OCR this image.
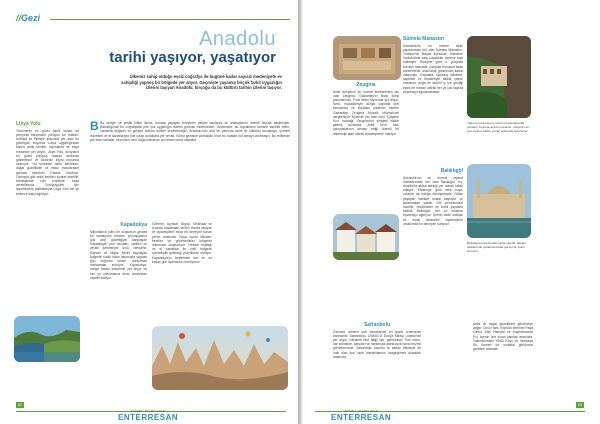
//Gezi
Anadolu
tarihi yaşıyor, yaşatıyor
Ülkemiz sahip olduğu eşsiz coğrafya ile bugüne kadar sayısız medeniyete ev sahipliği yapmış bir bölgede yer alıyor. Geçmişte yaşamış birçok farklı uygarlığın izlerini taşıyan Anadolu, birçoğu da bu kültürü tarihin izlerini taşıyor.
Likya Yolu
Yürümenin en güzel halini sunan bir yemyeşil bahçesine yürüyüş tur rotaları. Antalya ile Fethiye arasında yer alan bu güzergah boyunca Likya uygarlığından kalma antik kentler, tapınaklar ve kaya mezarları yer alıyor. Likya Yolu, dünyanın en güzel yürüyüş rotaları arasında gösteriliyor ve Akdeniz kıyısı boyunca uzanıyor. Yol üzerinde tarihi kalıntıları, doğal güzellikleri ve eşsiz manzaraları görmek mümkün. Patara, Xanthos, Olympos gibi antik kentleri ziyaret edebilir, konaklamak için köylerde mola verebilirsiniz. Yürüyüşçüler için işaretlenmiş patikalarıyla Likya Yolu her yıl binlerce kişiyi ağırlıyor.
B Bu zengin ve çeşitli kültür akımı, burada yaşayan bireylerin yaşam tarzlarını ve anlayışlarını önemli ölçüde etkilemiştir. Bakıldığında bu coğrafyada pek çok uygarlığın izlerini görmek mümkündür. Gezimizde, bu toprakların tarihine tanıklık eden, zamanla değişen ve gelişen kültürü birlikte keşfedeceğiz. Anadolu'nun dört bir yanında tarihi ile kültürün buluştuğu, yöresel lezzetleri ve el sanatlarıyla öne çıkan duraklara yer verdik. Kültür gezisine çıkmadan önce bu rotaları not almayı unutmayın. Bu rehberde yer alan noktalar, hem tarih hem doğa tutkunları için ilham verici olacaktır.
Kapadokya
Milyonlarca yıllık bir oluşumun gerçek bir sanatçının elinden çıkmışçasına göz alıcı güzelliğiyle karşılayan Kapadokya, peri bacaları, vadileri ve yeraltı şehirleriyle ünlü. Nevşehir, Kayseri ve Niğde illerini kapsayan bölgede sıcak hava balonuyla yapılan gün doğumu turları, unutulmaz manzaralar sunuyor. Kapadokya, dünya mirası listesinde yer alıyor ve her yıl milyonlarca turist tarafından ziyaret ediliyor.
Göreme, Uçhisar, Ürgüp, Ortahisar ve Avanos kasabaları tarihin izlerini taşıyan ve ziyaretçilere eşsiz bir deneyim sunan yerler arasında. Kaya oyma kiliseler, freskler ve güvercinlikler bölgenin dokusunu oluşturuyor. Yöresel mutfağı ve el sanatları ile ünlü bölgede çömlekçilik geleneği yüzyıllardır sürüyor. Kapadokya'yı keşfetmek için en az birkaç gün ayırmanızı öneriyoruz.
62
ISTANBUL TICARET ODASI
ENTERRESAN
Sümela Manastırı
Karadeniz'in en önemli tarihi yapılarından biri olan Sümela Manastırı, Trabzon'un Maçka ilçesinde, Altındere Vadisi'ndeki sarp kayalıklar üzerine inşa edilmiştir. Rivayete göre 4. yüzyılda kurulan manastır, yüzyıllar boyunca farklı dönemlerde onarılarak günümüze kadar ulaşmıştır. Kayalara oyulmuş kiliseleri, şapelleri ve freskleriyle dikkat çeken manastır, doğa ile tarihin iç içe geçtiği eşsiz bir mekan olarak her yıl çok sayıda ziyaretçiyi ağırlamaktadır.
Yapının restorasyon süreci tamamlanarak yeniden ziyarete açılan manastır, bölgenin en çok ziyaret edilen yerleri arasında bulunuyor.
Zeugma
Antik dünyanın en önemli kentlerinden biri olan Zeugma, Gaziantep'in Nizip ilçesi yakınlarında, Fırat Nehri kıyısında yer alıyor. Kent, mozaikleriyle dünya çapında üne kavuşmuş ve buradan çıkarılan eserler Gaziantep Zeugma Mozaik Müzesi'nde sergileniyor. Müzede yer alan ünlü 'Çingene Kızı' mozaiği, Zeugma'nın simgesi haline gelmiş durumda. Antik kent, kazı çalışmalarının devam ettiği önemli bir arkeolojik alan olarak ziyaretçilerini bekliyor.
Balıklıgöl
Şanlıurfa'nın en önemli ziyaret noktalarından biri olan Balıklıgöl, Hz. İbrahim'in ateşe atıldığı yer olarak kabul ediliyor. Efsaneye göre ateş suya, odunlar da balığa dönüşmüştür. Gölde yaşayan balıklar kutsal sayılıyor ve avlanmaları yasak. Göl çevresindeki camiler, medreseler ve tarihi yapılarla birlikte Balıklıgöl, her yıl binlerce ziyaretçiyi ağırlıyor. Şehrin tarihi dokusu ve sıcak atmosferi ziyaretçilere unutulmaz bir deneyim sunuyor.
Balıklıgöl çevresindeki tarihi yapılar, akşam saatlerinde ışıklandırılarak görsel bir şölen sunuyor.
Safranbolu
Osmanlı dönemi sivil mimarisinin en güzel örneklerini barındıran Safranbolu, UNESCO Dünya Mirası Listesi'nde yer alıyor. Karabük iline bağlı ilçe, geleneksel Türk evleri, dar sokakları, çarşıları ve hanlarıyla adeta açık hava müzesi görünümünde. Safranbolu lokumu ve safran bitkisiyle de ünlü olan ilçe, tarih meraklılarının vazgeçilmez durakları arasında.
tarihi ve doğal güzellikleri görülmeye değer. Cinci Hanı, Köprülü Mehmet Paşa Camii, Eski Hamam ve Kaymakamlar Evi, ilçenin öne çıkan yapıları arasında. Yakınlarındaki Yörük Köyü ve İncekaya Su Kemeri de mutlaka görülmesi gereken noktalar.
63
ISTANBUL TICARET ODASI
ENTERRESAN
